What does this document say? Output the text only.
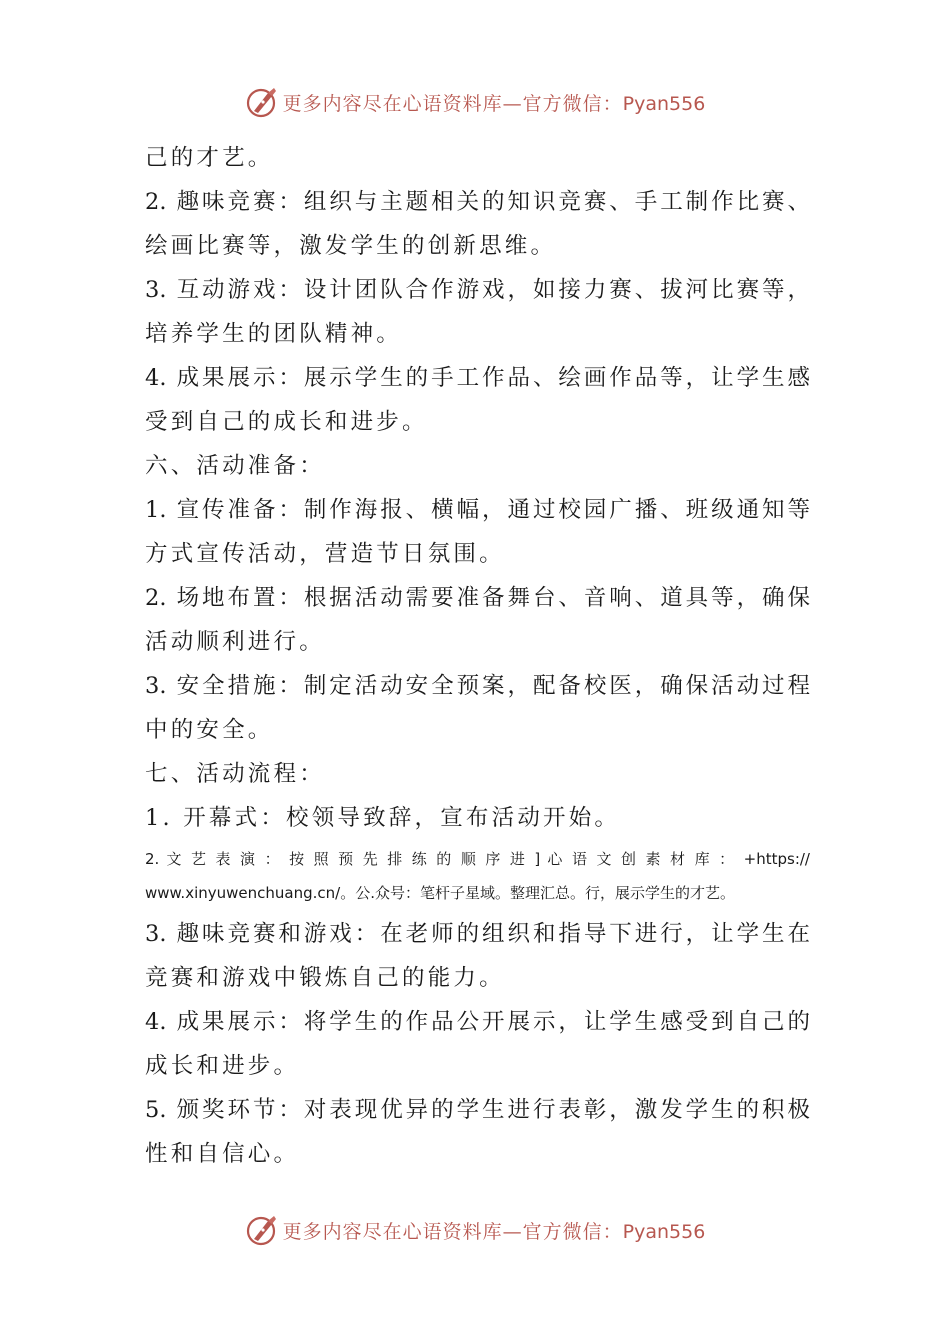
更多内容尽在心语资料库—官方微信：Pyan556
己的才艺。
2. 趣味竞赛：组织与主题相关的知识竞赛、手工制作比赛、
绘画比赛等，激发学生的创新思维。
3. 互动游戏：设计团队合作游戏，如接力赛、拔河比赛等，
培养学生的团队精神。
4. 成果展示：展示学生的手工作品、绘画作品等，让学生感
受到自己的成长和进步。
六、活动准备：
1. 宣传准备：制作海报、横幅，通过校园广播、班级通知等
方式宣传活动，营造节日氛围。
2. 场地布置：根据活动需要准备舞台、音响、道具等，确保
活动顺利进行。
3. 安全措施：制定活动安全预案，配备校医，确保活动过程
中的安全。
七、活动流程：
1. 开幕式：校领导致辞，宣布活动开始。
2. 文 艺 表 演 ： 按 照 预 先 排 练 的 顺 序 进 ] 心 语 文 创 素 材 库 ： +https://
www.xinyuwenchuang.cn/。公.众号：笔杆子星域。整理汇总。行，展示学生的才艺。
3. 趣味竞赛和游戏：在老师的组织和指导下进行，让学生在
竞赛和游戏中锻炼自己的能力。
4. 成果展示：将学生的作品公开展示，让学生感受到自己的
成长和进步。
5. 颁奖环节：对表现优异的学生进行表彰，激发学生的积极
性和自信心。
更多内容尽在心语资料库—官方微信：Pyan556
